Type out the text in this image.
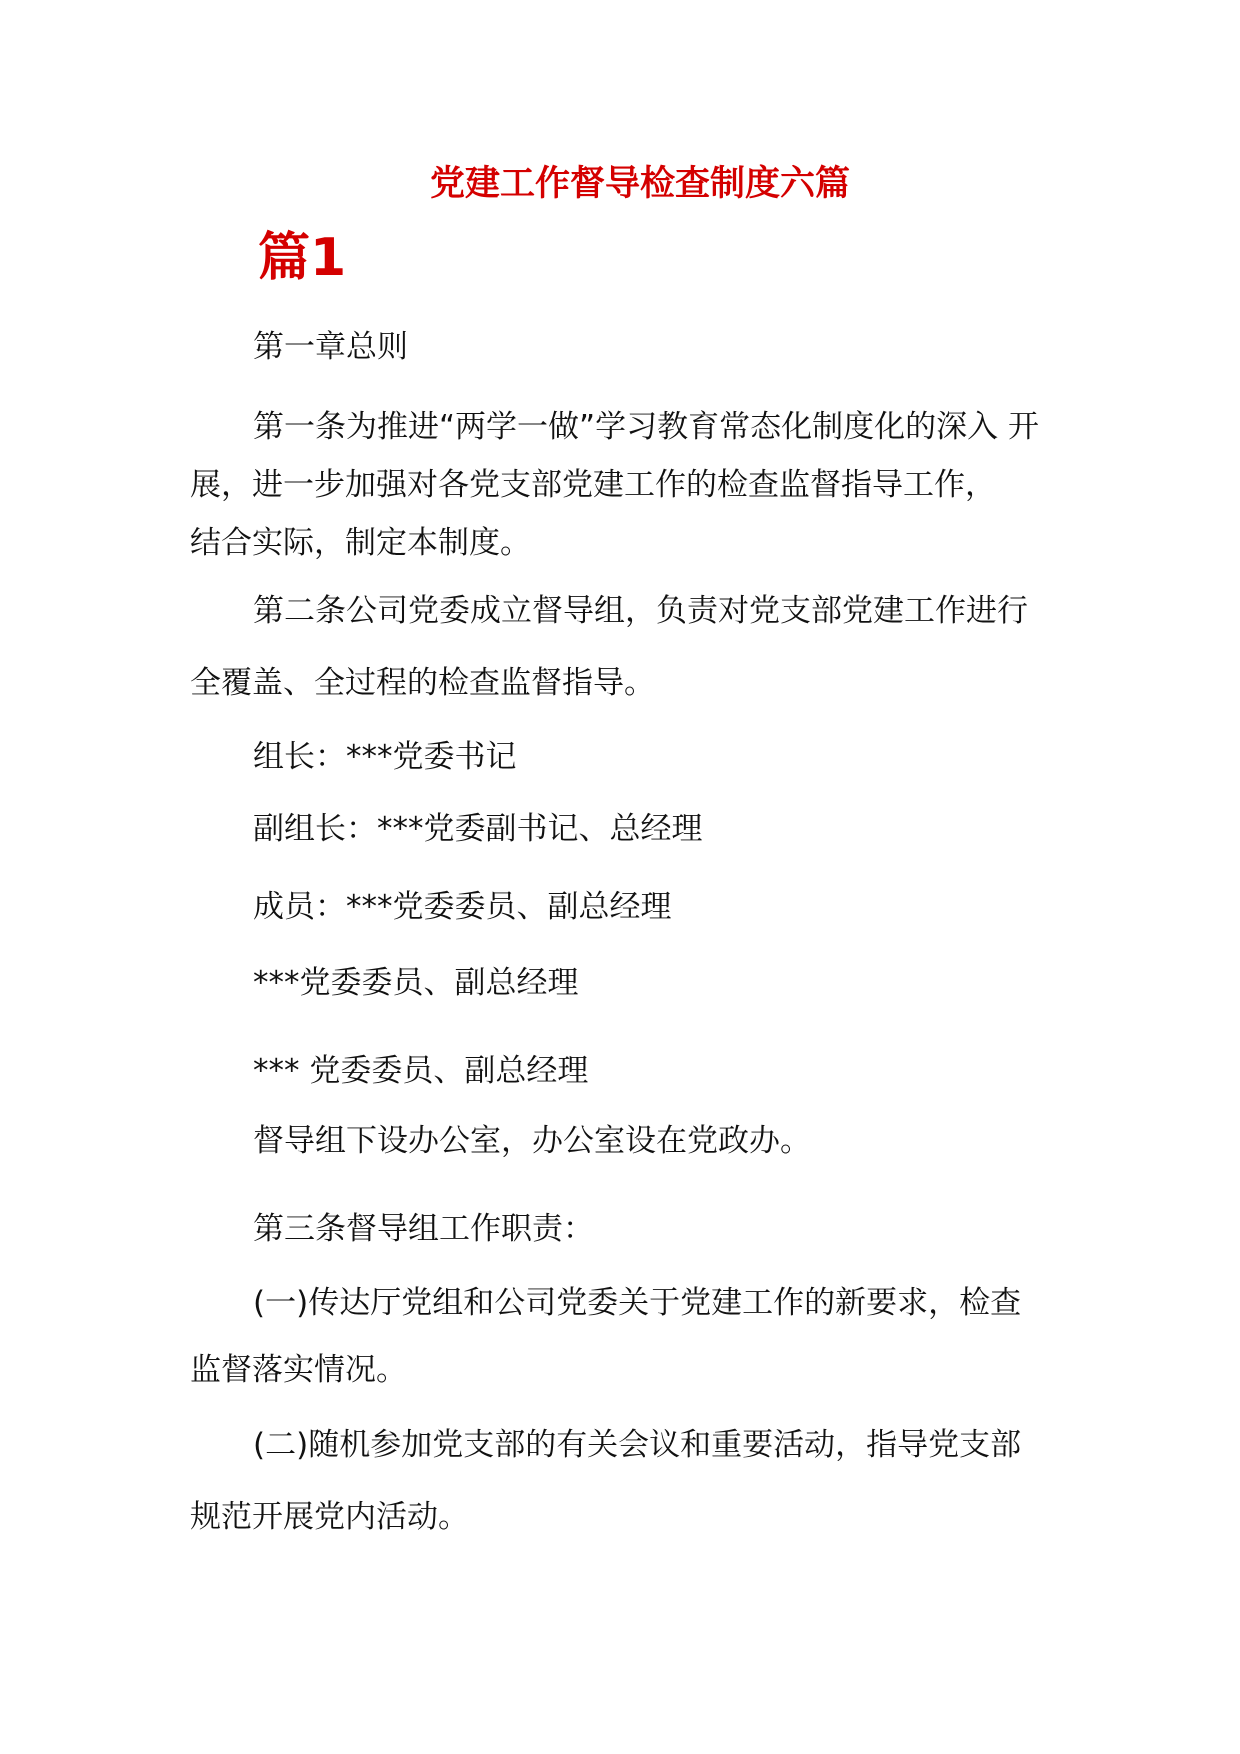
党建工作督导检查制度六篇
篇1
第一章总则
第一条为推进“两学一做”学习教育常态化制度化的深入 开
展，进一步加强对各党支部党建工作的检查监督指导工作，
结合实际，制定本制度。
第二条公司党委成立督导组，负责对党支部党建工作进行
全覆盖、全过程的检查监督指导。
组长：***党委书记
副组长：***党委副书记、总经理
成员：***党委委员、副总经理
***党委委员、副总经理
*** 党委委员、副总经理
督导组下设办公室，办公室设在党政办。
第三条督导组工作职责：
(一)传达厅党组和公司党委关于党建工作的新要求，检查
监督落实情况。
(二)随机参加党支部的有关会议和重要活动，指导党支部
规范开展党内活动。
